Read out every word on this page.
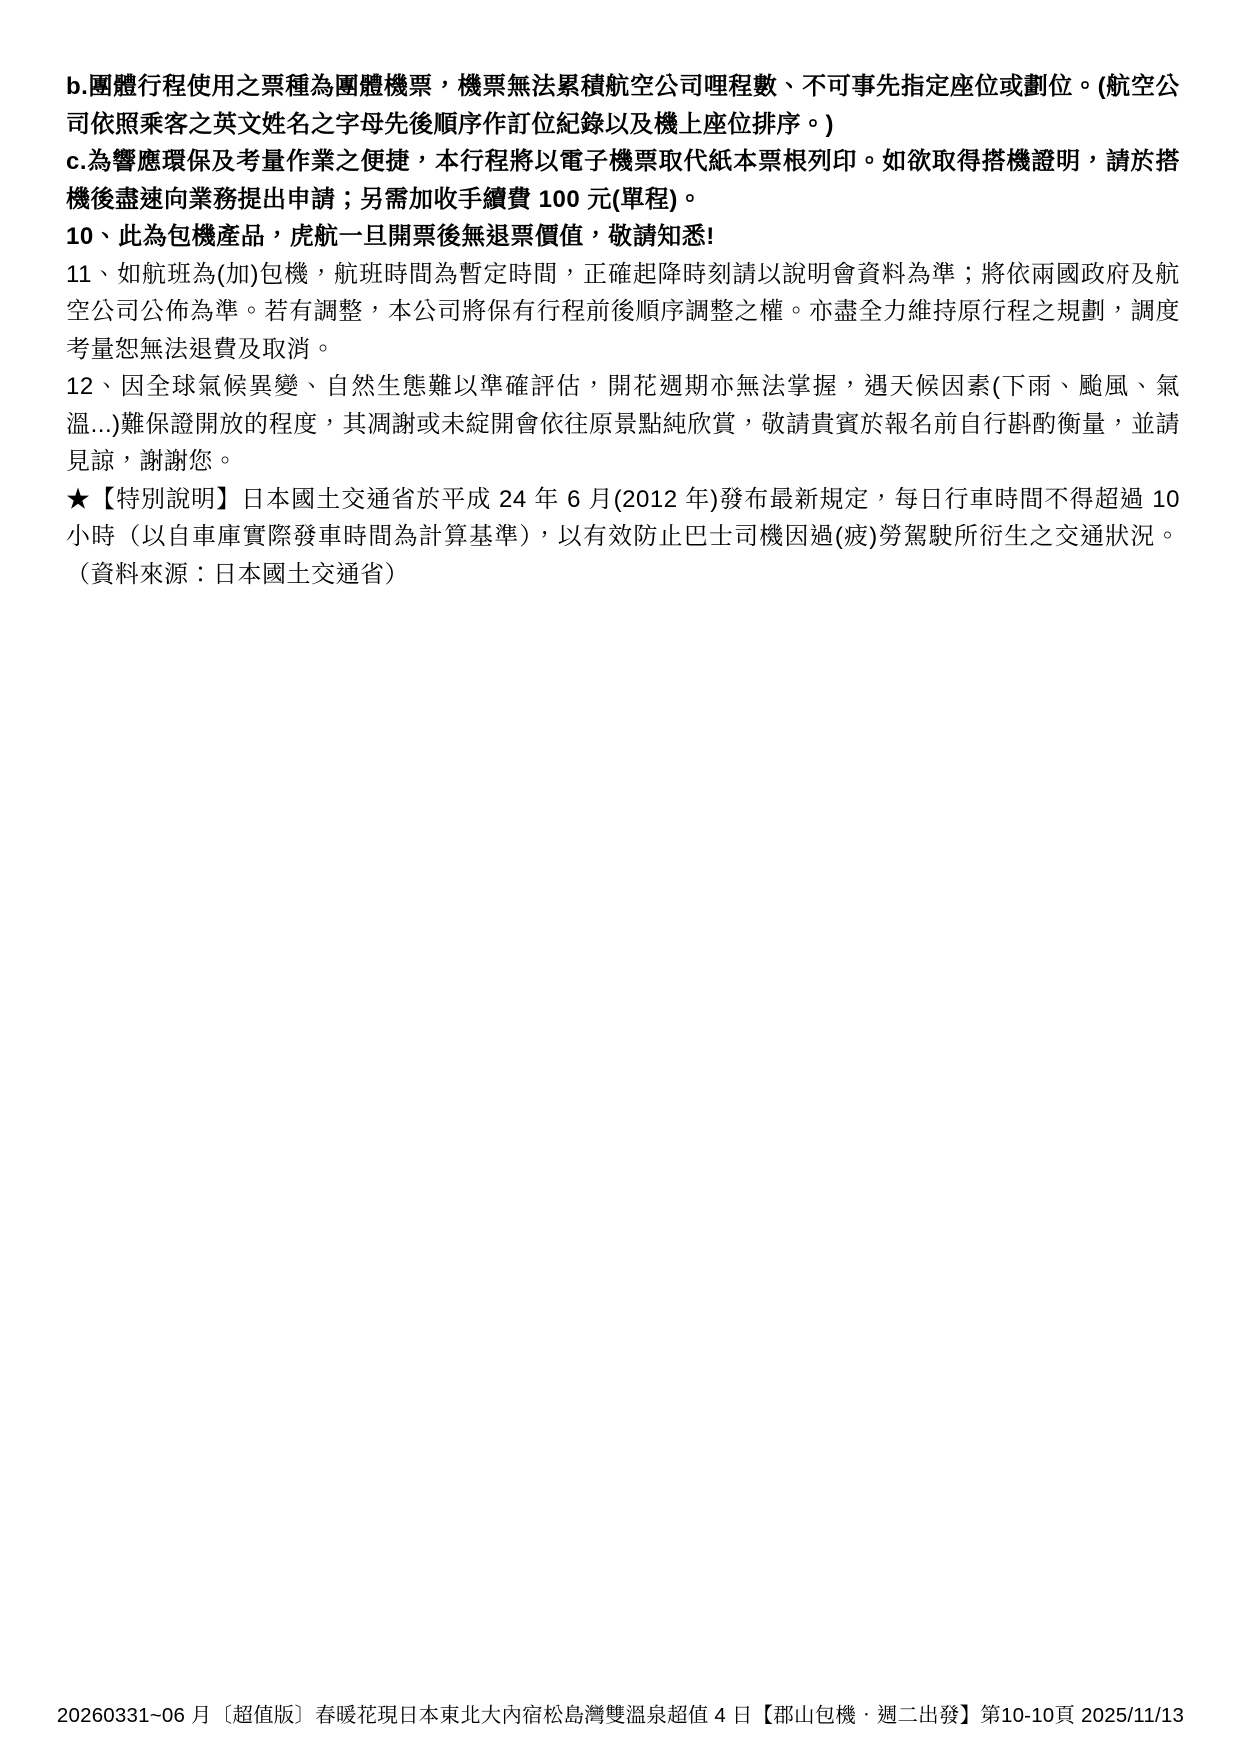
b.團體行程使用之票種為團體機票，機票無法累積航空公司哩程數、不可事先指定座位或劃位。(航空公司依照乘客之英文姓名之字母先後順序作訂位紀錄以及機上座位排序。)

c.為響應環保及考量作業之便捷，本行程將以電子機票取代紙本票根列印。如欲取得搭機證明，請於搭機後盡速向業務提出申請；另需加收手續費 100 元(單程)。

10、此為包機產品，虎航一旦開票後無退票價值，敬請知悉!

11、如航班為(加)包機，航班時間為暫定時間，正確起降時刻請以說明會資料為準；將依兩國政府及航空公司公佈為準。若有調整，本公司將保有行程前後順序調整之權。亦盡全力維持原行程之規劃，調度考量恕無法退費及取消。

12、因全球氣候異變、自然生態難以準確評估，開花週期亦無法掌握，遇天候因素(下雨、颱風、氣溫...)難保證開放的程度，其凋謝或未綻開會依往原景點純欣賞，敬請貴賓於報名前自行斟酌衡量，並請見諒，謝謝您。

★【特別說明】日本國土交通省於平成 24 年 6 月(2012 年)發布最新規定，每日行車時間不得超過 10 小時（以自車庫實際發車時間為計算基準），以有效防止巴士司機因過(疲)勞駕駛所衍生之交通狀況。（資料來源：日本國土交通省）

20260331~06 月〔超值版〕春暖花現日本東北大內宿松島灣雙溫泉超值 4 日【郡山包機‧週二出發】第10-10頁 2025/11/13
